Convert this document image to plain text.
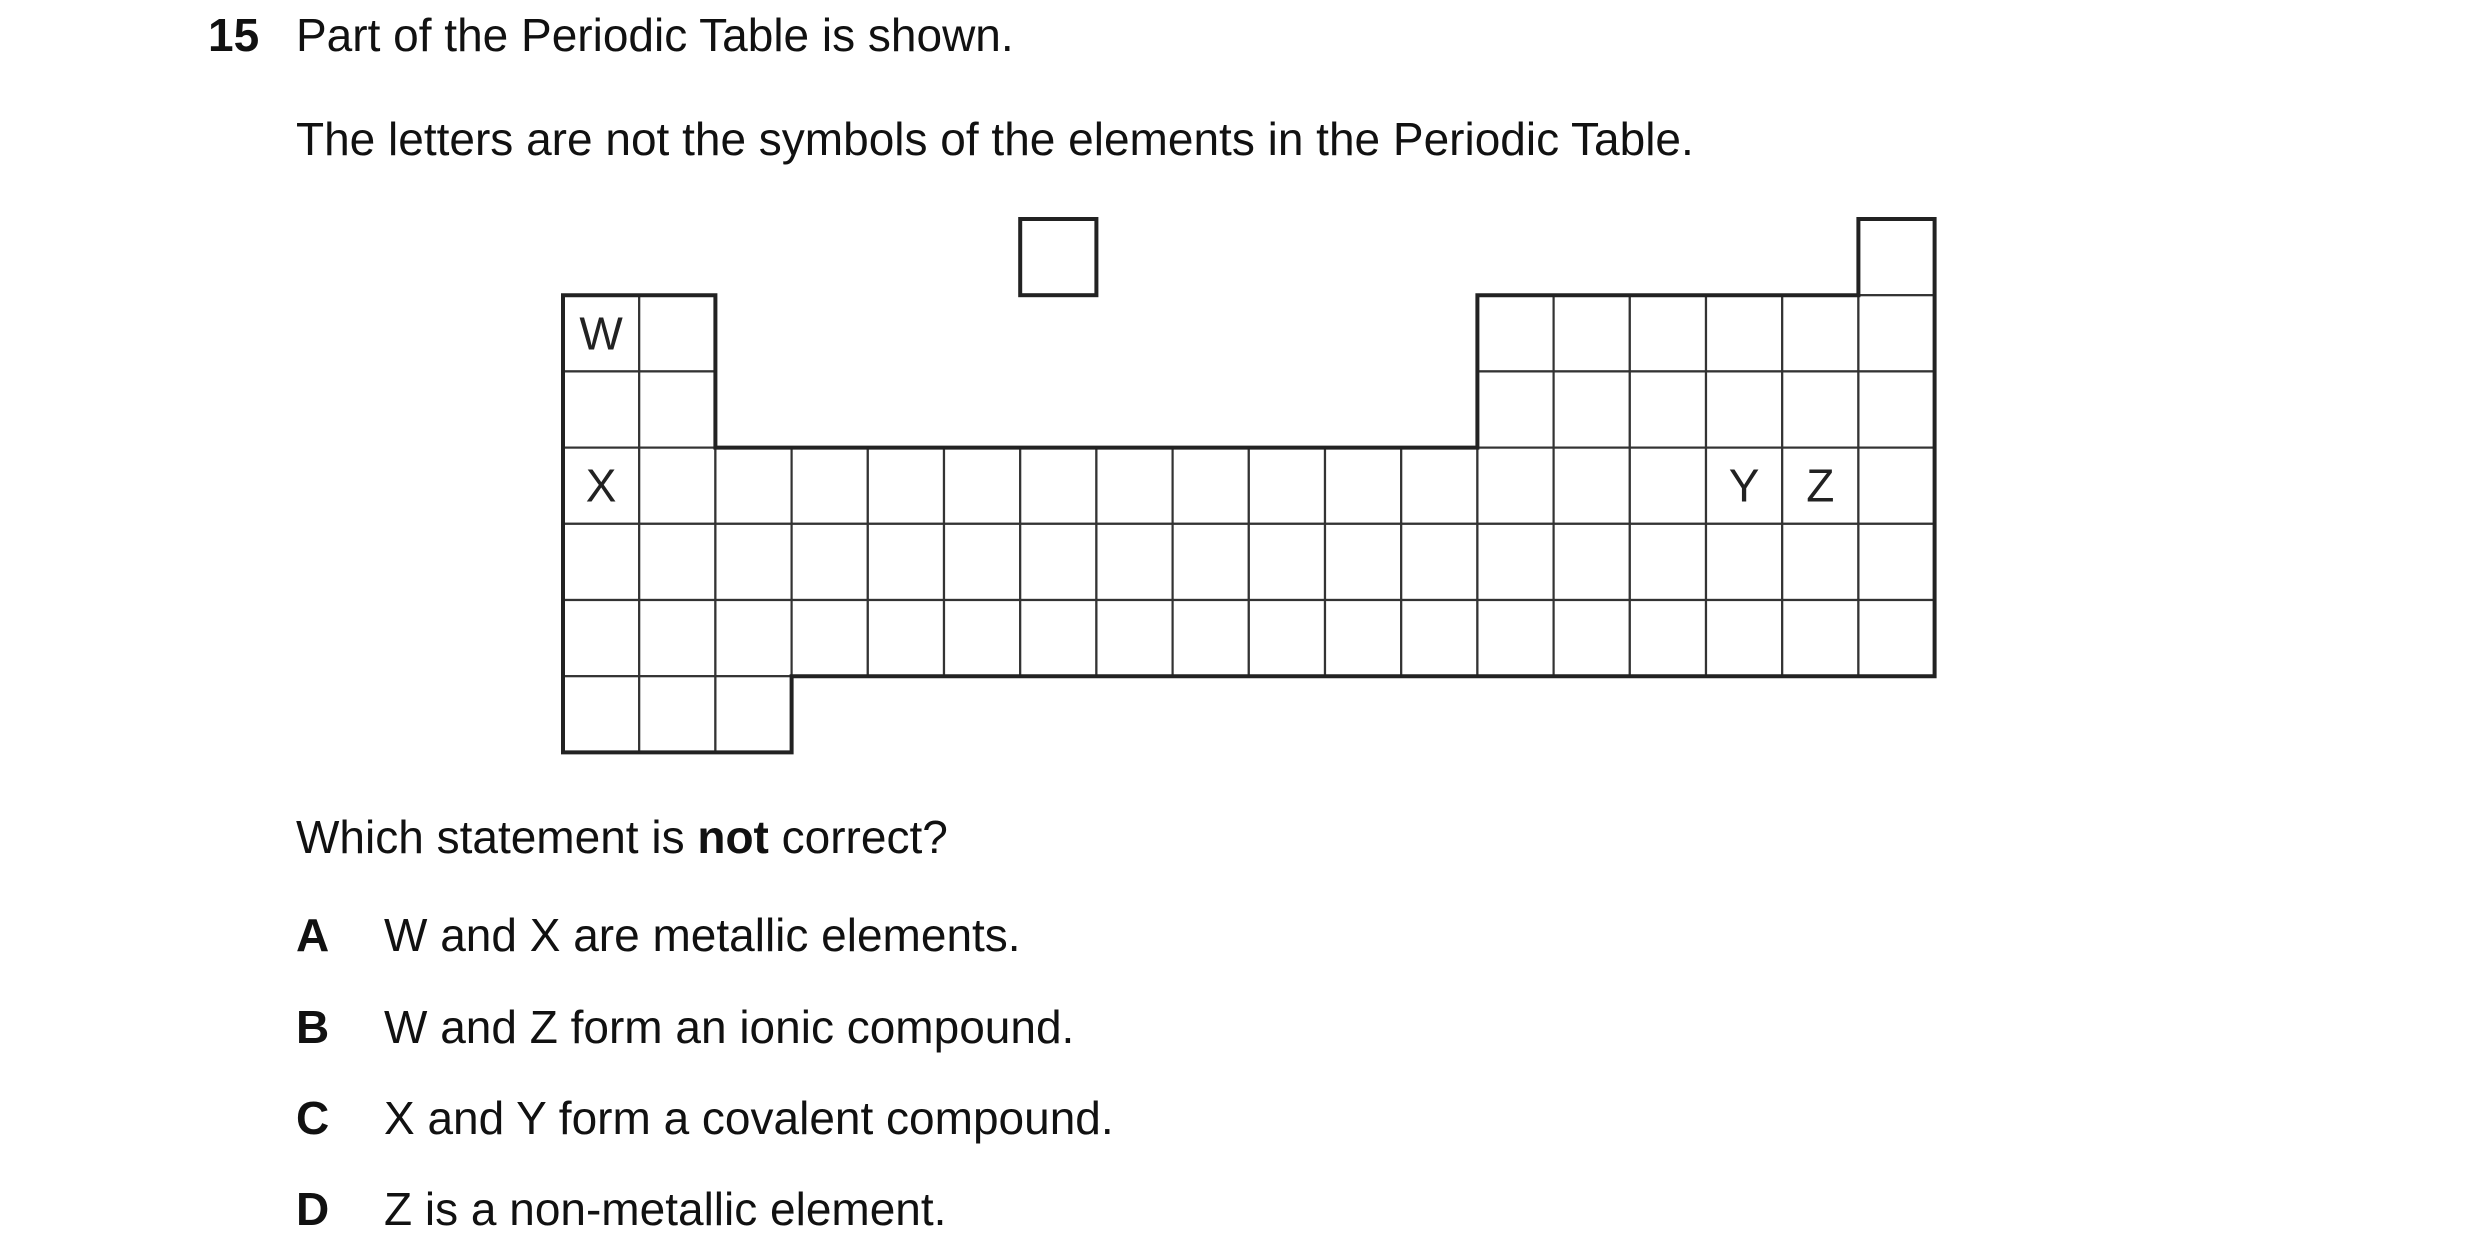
15 Part of the Periodic Table is shown.
The letters are not the symbols of the elements in the Periodic Table.
W
X	Y Z
Which statement is not correct?
A W and X are metallic elements.
B W and Z form an ionic compound.
C X and Y form a covalent compound.
D Z is a non-metallic element.
